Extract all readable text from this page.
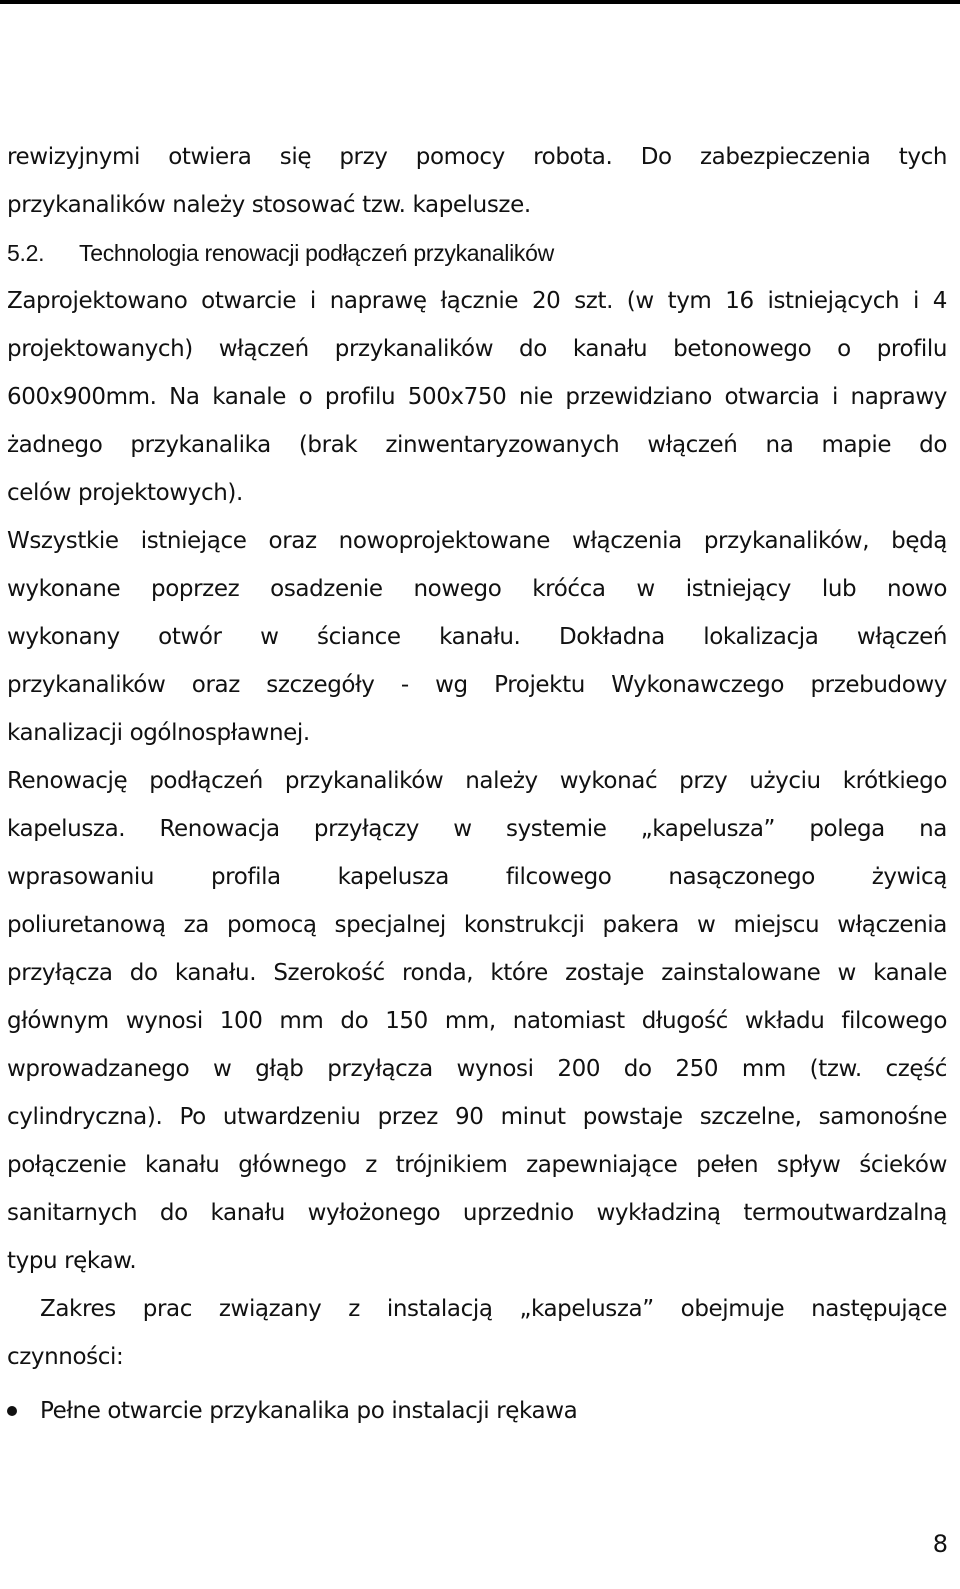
rewizyjnymi otwiera się przy pomocy robota. Do zabezpieczenia tych
przykanalików należy stosować tzw. kapelusze.

5.2. Technologia renowacji podłączeń przykanalików

Zaprojektowano otwarcie i naprawę łącznie 20 szt. (w tym 16 istniejących i 4
projektowanych) włączeń przykanalików do kanału betonowego o profilu
600x900mm. Na kanale o profilu 500x750 nie przewidziano otwarcia i naprawy
żadnego przykanalika (brak zinwentaryzowanych włączeń na mapie do
celów projektowych).

Wszystkie istniejące oraz nowoprojektowane włączenia przykanalików, będą
wykonane poprzez osadzenie nowego króćca w istniejący lub nowo
wykonany otwór w ściance kanału. Dokładna lokalizacja włączeń
przykanalików oraz szczegóły - wg Projektu Wykonawczego przebudowy
kanalizacji ogólnospławnej.

Renowację podłączeń przykanalików należy wykonać przy użyciu krótkiego
kapelusza. Renowacja przyłączy w systemie „kapelusza” polega na
wprasowaniu profila kapelusza filcowego nasączonego żywicą
poliuretanową za pomocą specjalnej konstrukcji pakera w miejscu włączenia
przyłącza do kanału. Szerokość ronda, które zostaje zainstalowane w kanale
głównym wynosi 100 mm do 150 mm, natomiast długość wkładu filcowego
wprowadzanego w głąb przyłącza wynosi 200 do 250 mm (tzw. część
cylindryczna). Po utwardzeniu przez 90 minut powstaje szczelne, samonośne
połączenie kanału głównego z trójnikiem zapewniające pełen spływ ścieków
sanitarnych do kanału wyłożonego uprzednio wykładziną termoutwardzalną
typu rękaw.

Zakres prac związany z instalacją „kapelusza” obejmuje następujące
czynności:

Pełne otwarcie przykanalika po instalacji rękawa
8
